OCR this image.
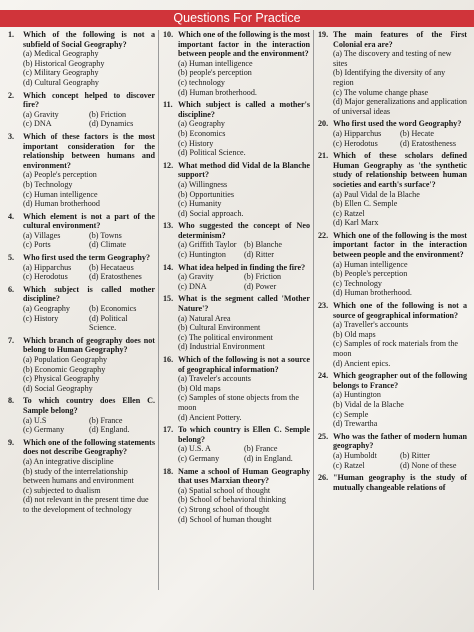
Questions For Practice
1.	Which of the following is not a subfield of Social Geography?
(a) Medical Geography
(b) Historical Geography
(c) Military Geography
(d) Cultural Geography
2.	Which concept helped to discover fire?
(a) Gravity	(b) Friction
(c) DNA	(d) Dynamics
3.	Which of these factors is the most important consideration for the relationship between humans and environment?
(a) People's perception
(b) Technology
(c) Human intelligence
(d) Human brotherhood
4.	Which element is not a part of the cultural environment?
(a) Villages	(b) Towns
(c) Ports	(d) Climate
5.	Who first used the term Geography?
(a) Hipparchus	(b) Hecataeus
(c) Herodotus	(d) Eratosthenes
6.	Which subject is called mother discipline?
(a) Geography	(b) Economics
(c) History	(d) Political Science.
7.	Which branch of geography does not belong to Human Geography?
(a) Population Geography
(b) Economic Geography
(c) Physical Geography
(d) Social Geography
8.	To which country does Ellen C. Sample belong?
(a) U.S	(b) France
(c) Germany	(d) England.
9.	Which one of the following statements does not describe Geography?
(a) An integrative discipline
(b) study of the interrelationship between humans and environment
(c) subjected to dualism
(d) not relevant in the present time due to the development of technology
10. Which one of the following is the most important factor in the interaction between people and the environment?
(a) Human intelligence
(b) people's perception
(c) technology
(d) Human brotherhood.
11. Which subject is called a mother's discipline?
(a) Geography
(b) Economics
(c) History
(d) Political Science.
12. What method did Vidal de la Blanche support?
(a) Willingness
(b) Opportunities
(c) Humanity
(d) Social approach.
13. Who suggested the concept of Neo determinism?
(a) Griffith Taylor (b) Blanche
(c) Huntington	(d) Ritter
14. What idea helped in finding the fire?
(a) Gravity	(b) Friction
(c) DNA	(d) Power
15. What is the segment called 'Mother Nature'?
(a) Natural Area
(b) Cultural Environment
(c) The political environment
(d) Industrial Environment
16. Which of the following is not a source of geographical information?
(a) Traveler's accounts
(b) Old maps
(c) Samples of stone objects from the moon
(d) Ancient Pottery.
17. To which country is Ellen C. Semple belong?
(a) U.S. A	(b) France
(c) Germany	(d) in England.
18. Name a school of Human Geography that uses Marxian theory?
(a) Spatial school of thought
(b) School of behavioral thinking
(c) Strong school of thought
(d) School of human thought
19. The main features of the First Colonial era are?
(a) The discovery and testing of new sites
(b) Identifying the diversity of any region
(c) The volume change phase
(d) Major generalizations and application of universal ideas
20. Who first used the word Geography?
(a) Hipparchus	(b) Hecate
(c) Herodotus	(d) Eratostheness
21. Which of these scholars defined Human Geography as 'the synthetic study of relationship between human societies and earth's surface'?
(a) Paul Vidal de la Blache
(b) Ellen C. Semple
(c) Ratzel
(d) Karl Marx
22. Which one of the following is the most important factor in the interaction between people and the environment?
(a) Human intelligence
(b) People's perception
(c) Technology
(d) Human brotherhood.
23. Which one of the following is not a source of geographical information?
(a) Traveller's accounts
(b) Old maps
(c) Samples of rock materials from the moon
(d) Ancient epics.
24. Which geographer out of the following belongs to France?
(a) Huntington
(b) Vidal de la Blache
(c) Semple
(d) Trewartha
25. Who was the father of modern human geography?
(a) Humboldt	(b) Ritter
(c) Ratzel	(d) None of these
26. "Human geography is the study of mutually changeable relations of
